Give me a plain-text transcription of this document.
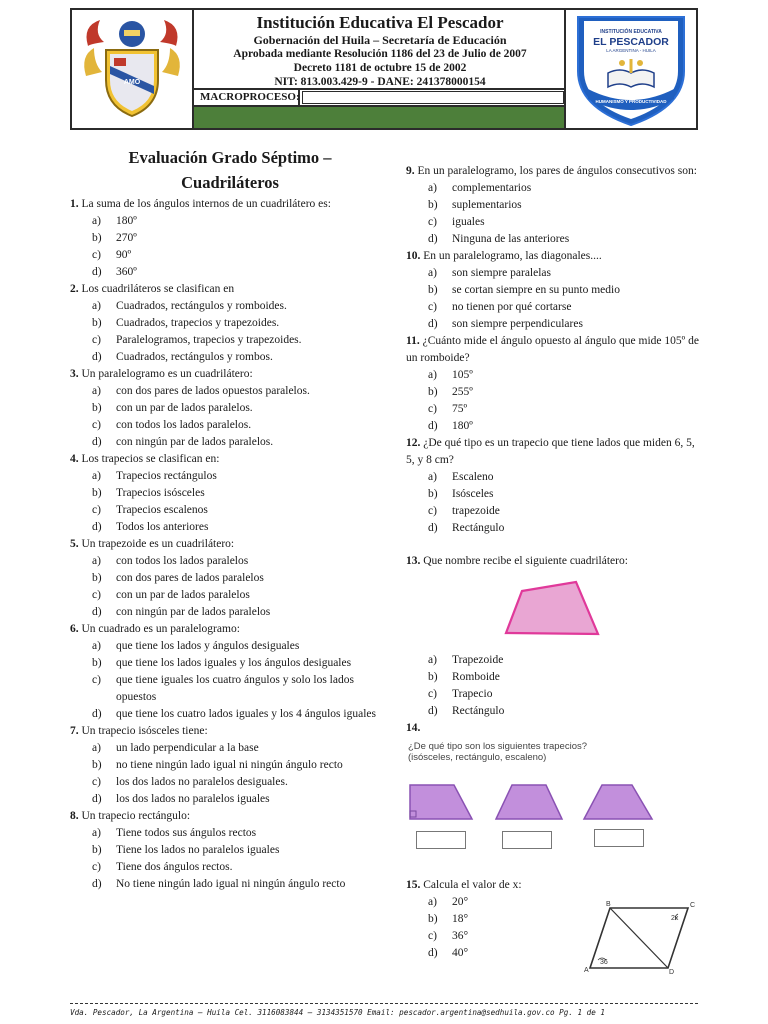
AMO
Institución Educativa El Pescador
Gobernación del Huila – Secretaría de Educación
Aprobada mediante Resolución 1186 del 23 de Julio de 2007
Decreto 1181 de octubre 15 de 2002
NIT: 813.003.429-9 - DANE: 241378000154
MACROPROCESO:
INSTITUCIÓN EDUCATIVA
EL PESCADOR
LA ARGENTINA - HUILA
HUMANISMO Y PRODUCTIVIDAD
Evaluación Grado Séptimo –
Cuadriláteros
1. La suma de los ángulos internos de un cuadrilátero es:
a)	180º
b)	270º
c)	90º
d)	360º
2. Los cuadriláteros se clasifican en
a)	Cuadrados, rectángulos y romboides.
b)	Cuadrados, trapecios y trapezoides.
c)	Paralelogramos, trapecios y trapezoides.
d)	Cuadrados, rectángulos y rombos.
3. Un paralelogramo es un cuadrilátero:
a)	con dos pares de lados opuestos paralelos.
b)	con un par de lados paralelos.
c)	con todos los lados paralelos.
d)	con ningún par de lados paralelos.
4. Los trapecios se clasifican en:
a)	Trapecios rectángulos
b)	Trapecios isósceles
c)	Trapecios escalenos
d)	Todos los anteriores
5. Un trapezoide es un cuadrilátero:
a)	con todos los lados paralelos
b)	con dos pares de lados paralelos
c)	con un par de lados paralelos
d)	con ningún par de lados paralelos
6. Un cuadrado es un paralelogramo:
a)	que tiene los lados y ángulos desiguales
b)	que tiene los lados iguales y los ángulos desiguales
c)	que tiene iguales los cuatro ángulos y solo los lados opuestos
d)	que tiene los cuatro lados iguales y los 4 ángulos iguales
7. Un trapecio isósceles tiene:
a)	un lado perpendicular a la base
b)	no tiene ningún lado igual ni ningún ángulo recto
c)	los dos lados no paralelos desiguales.
d)	los dos lados no paralelos iguales
8. Un trapecio rectángulo:
a)	Tiene todos sus ángulos rectos
b)	Tiene los lados no paralelos iguales
c)	Tiene dos ángulos rectos.
d)	No tiene ningún lado igual ni ningún ángulo recto
9. En un paralelogramo, los pares de ángulos consecutivos son:
a)	complementarios
b)	suplementarios
c)	iguales
d)	Ninguna de las anteriores
10. En un paralelogramo, las diagonales....
a)	son siempre paralelas
b)	se cortan siempre en su punto medio
c)	no tienen por qué cortarse
d)	son siempre perpendiculares
11. ¿Cuánto mide el ángulo opuesto al ángulo que mide 105º de un romboide?
a)	105º
b)	255º
c)	75º
d)	180º
12. ¿De qué tipo es un trapecio que tiene lados que miden 6, 5, 5, y 8 cm?
a)	Escaleno
b)	Isósceles
c)	trapezoide
d)	Rectángulo
13. Que nombre recibe el siguiente cuadrilátero:
a)	Trapezoide
b)	Romboide
c)	Trapecio
d)	Rectángulo
14.
¿De qué tipo son los siguientes trapecios?
(isósceles, rectángulo, escaleno)
15. Calcula el valor de x:
a)	20°
b)	18°
c)	36°
d)	40°
B	C
A	D
2x
36
Vda. Pescador, La Argentina – Huila Cel. 3116083844 – 3134351570 Email: pescador.argentina@sedhuila.gov.co Pg. 1 de 1
